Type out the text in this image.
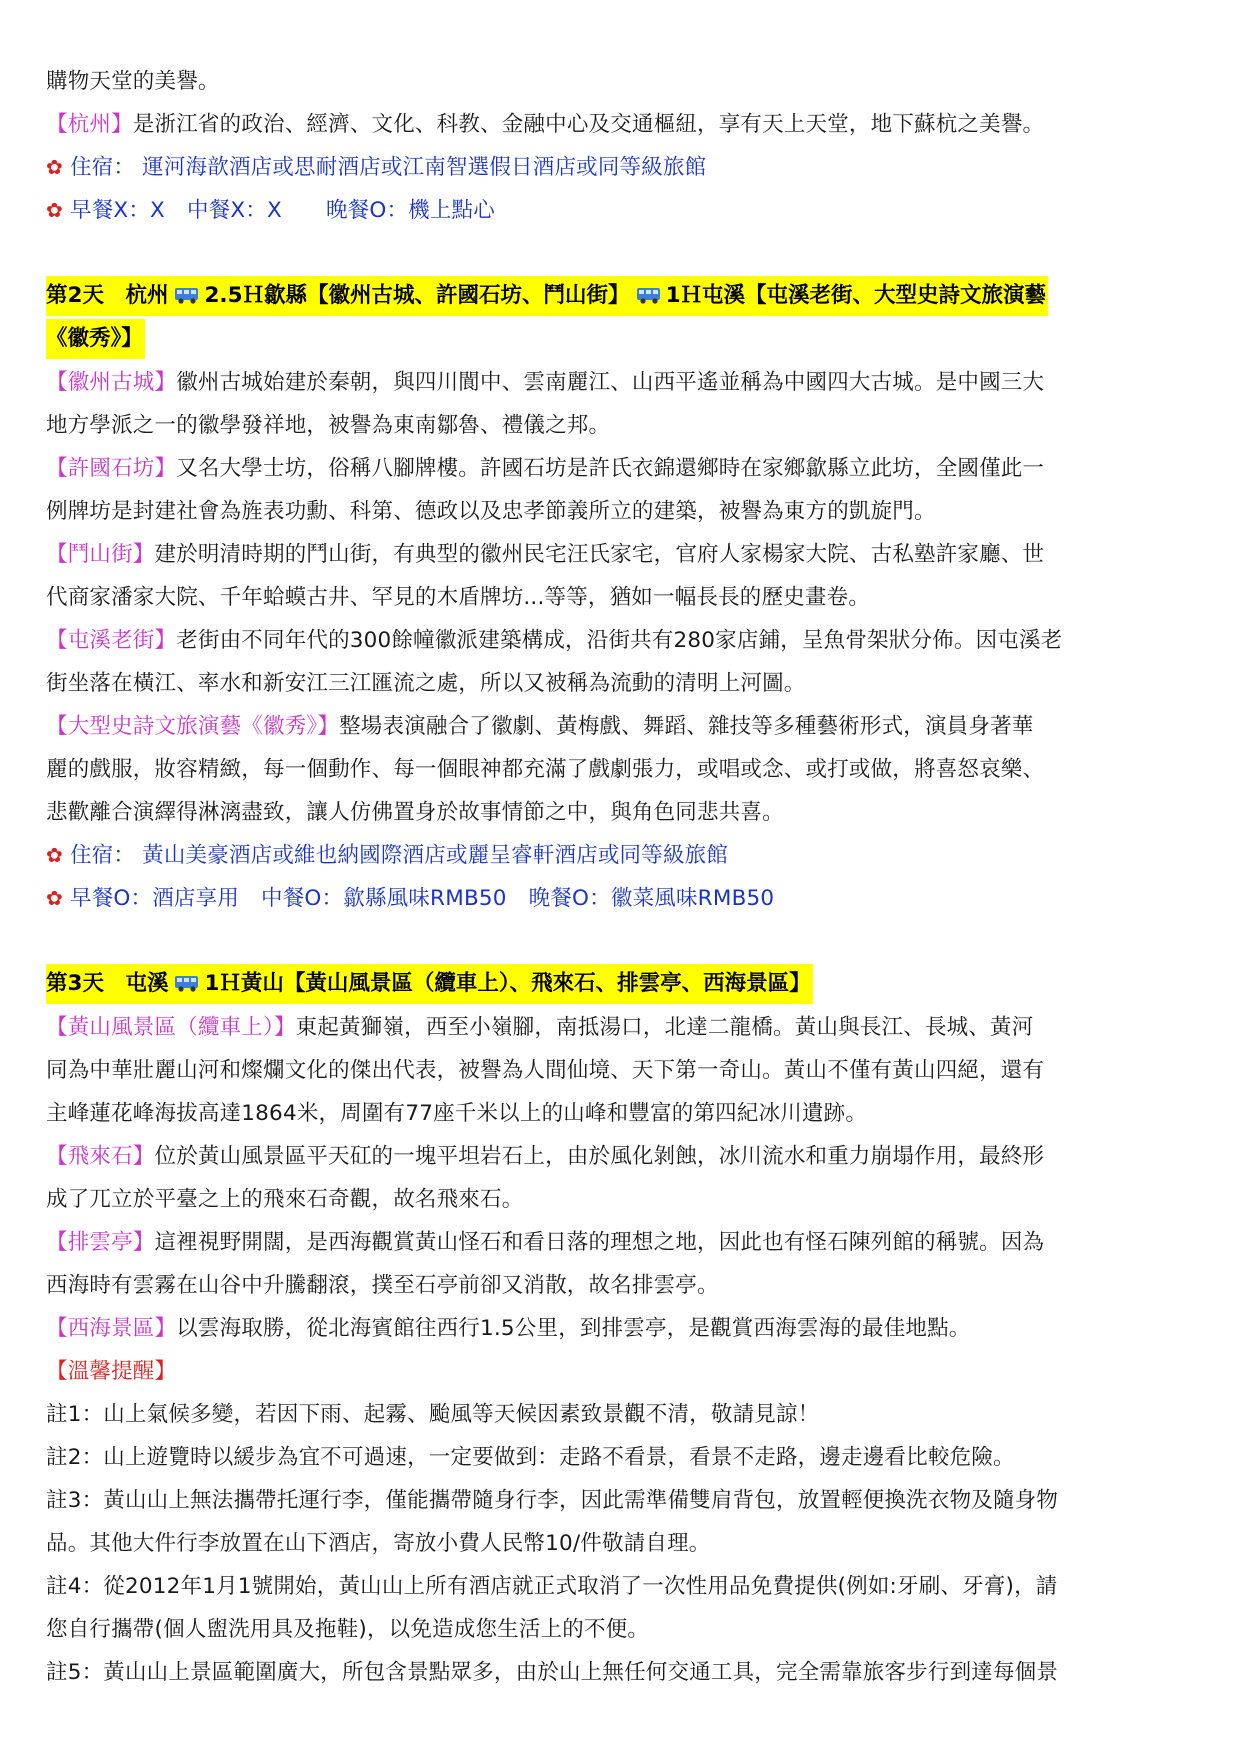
購物天堂的美譽。
【杭州】是浙江省的政治、經濟、文化、科教、金融中心及交通樞紐，享有天上天堂，地下蘇杭之美譽。
✿ 住宿： 運河海歆酒店或思耐酒店或江南智選假日酒店或同等級旅館
✿ 早餐X：X 中餐X：X 晚餐O：機上點心
第2天　杭州 2.5Ｈ歙縣【徽州古城、許國石坊、鬥山街】 1Ｈ屯溪【屯溪老街、大型史詩文旅演藝
《徽秀》】
【徽州古城】徽州古城始建於秦朝，與四川閬中、雲南麗江、山西平遙並稱為中國四大古城。是中國三大
地方學派之一的徽學發祥地，被譽為東南鄒魯、禮儀之邦。
【許國石坊】又名大學士坊，俗稱八腳牌樓。許國石坊是許氏衣錦還鄉時在家鄉歙縣立此坊，全國僅此一
例牌坊是封建社會為旌表功勳、科第、德政以及忠孝節義所立的建築，被譽為東方的凱旋門。
【鬥山街】建於明清時期的鬥山街，有典型的徽州民宅汪氏家宅，官府人家楊家大院、古私塾許家廳、世
代商家潘家大院、千年蛤蟆古井、罕見的木盾牌坊...等等，猶如一幅長長的歷史畫卷。
【屯溪老街】老街由不同年代的300餘幢徽派建築構成，沿街共有280家店鋪，呈魚骨架狀分佈。因屯溪老
街坐落在橫江、率水和新安江三江匯流之處，所以又被稱為流動的清明上河圖。
【大型史詩文旅演藝《徽秀》】整場表演融合了徽劇、黃梅戲、舞蹈、雜技等多種藝術形式，演員身著華
麗的戲服，妝容精緻，每一個動作、每一個眼神都充滿了戲劇張力，或唱或念、或打或做，將喜怒哀樂、
悲歡離合演繹得淋漓盡致，讓人仿佛置身於故事情節之中，與角色同悲共喜。
✿ 住宿： 黃山美豪酒店或維也納國際酒店或麗呈睿軒酒店或同等級旅館
✿ 早餐O：酒店享用 中餐O：歙縣風味RMB50 晚餐O：徽菜風味RMB50
第3天　屯溪 1Ｈ黃山【黃山風景區（纜車上）、飛來石、排雲亭、西海景區】
【黃山風景區（纜車上）】東起黃獅嶺，西至小嶺腳，南抵湯口，北達二龍橋。黃山與長江、長城、黃河
同為中華壯麗山河和燦爛文化的傑出代表，被譽為人間仙境、天下第一奇山。黃山不僅有黃山四絕，還有
主峰蓮花峰海拔高達1864米，周圍有77座千米以上的山峰和豐富的第四紀冰川遺跡。
【飛來石】位於黃山風景區平天矼的一塊平坦岩石上，由於風化剝蝕，冰川流水和重力崩塌作用，最終形
成了兀立於平臺之上的飛來石奇觀，故名飛來石。
【排雲亭】這裡視野開闊，是西海觀賞黃山怪石和看日落的理想之地，因此也有怪石陳列館的稱號。因為
西海時有雲霧在山谷中升騰翻滾，撲至石亭前卻又消散，故名排雲亭。
【西海景區】以雲海取勝，從北海賓館往西行1.5公里，到排雲亭，是觀賞西海雲海的最佳地點。
【溫馨提醒】
註1：山上氣候多變，若因下雨、起霧、颱風等天候因素致景觀不清，敬請見諒！
註2：山上遊覽時以緩步為宜不可過速，一定要做到：走路不看景，看景不走路，邊走邊看比較危險。
註3：黃山山上無法攜帶托運行李，僅能攜帶隨身行李，因此需準備雙肩背包，放置輕便換洗衣物及隨身物
品。其他大件行李放置在山下酒店，寄放小費人民幣10/件敬請自理。
註4：從2012年1月1號開始，黃山山上所有酒店就正式取消了一次性用品免費提供(例如:牙刷、牙膏)，請
您自行攜帶(個人盥洗用具及拖鞋)，以免造成您生活上的不便。
註5：黃山山上景區範圍廣大，所包含景點眾多，由於山上無任何交通工具，完全需靠旅客步行到達每個景
